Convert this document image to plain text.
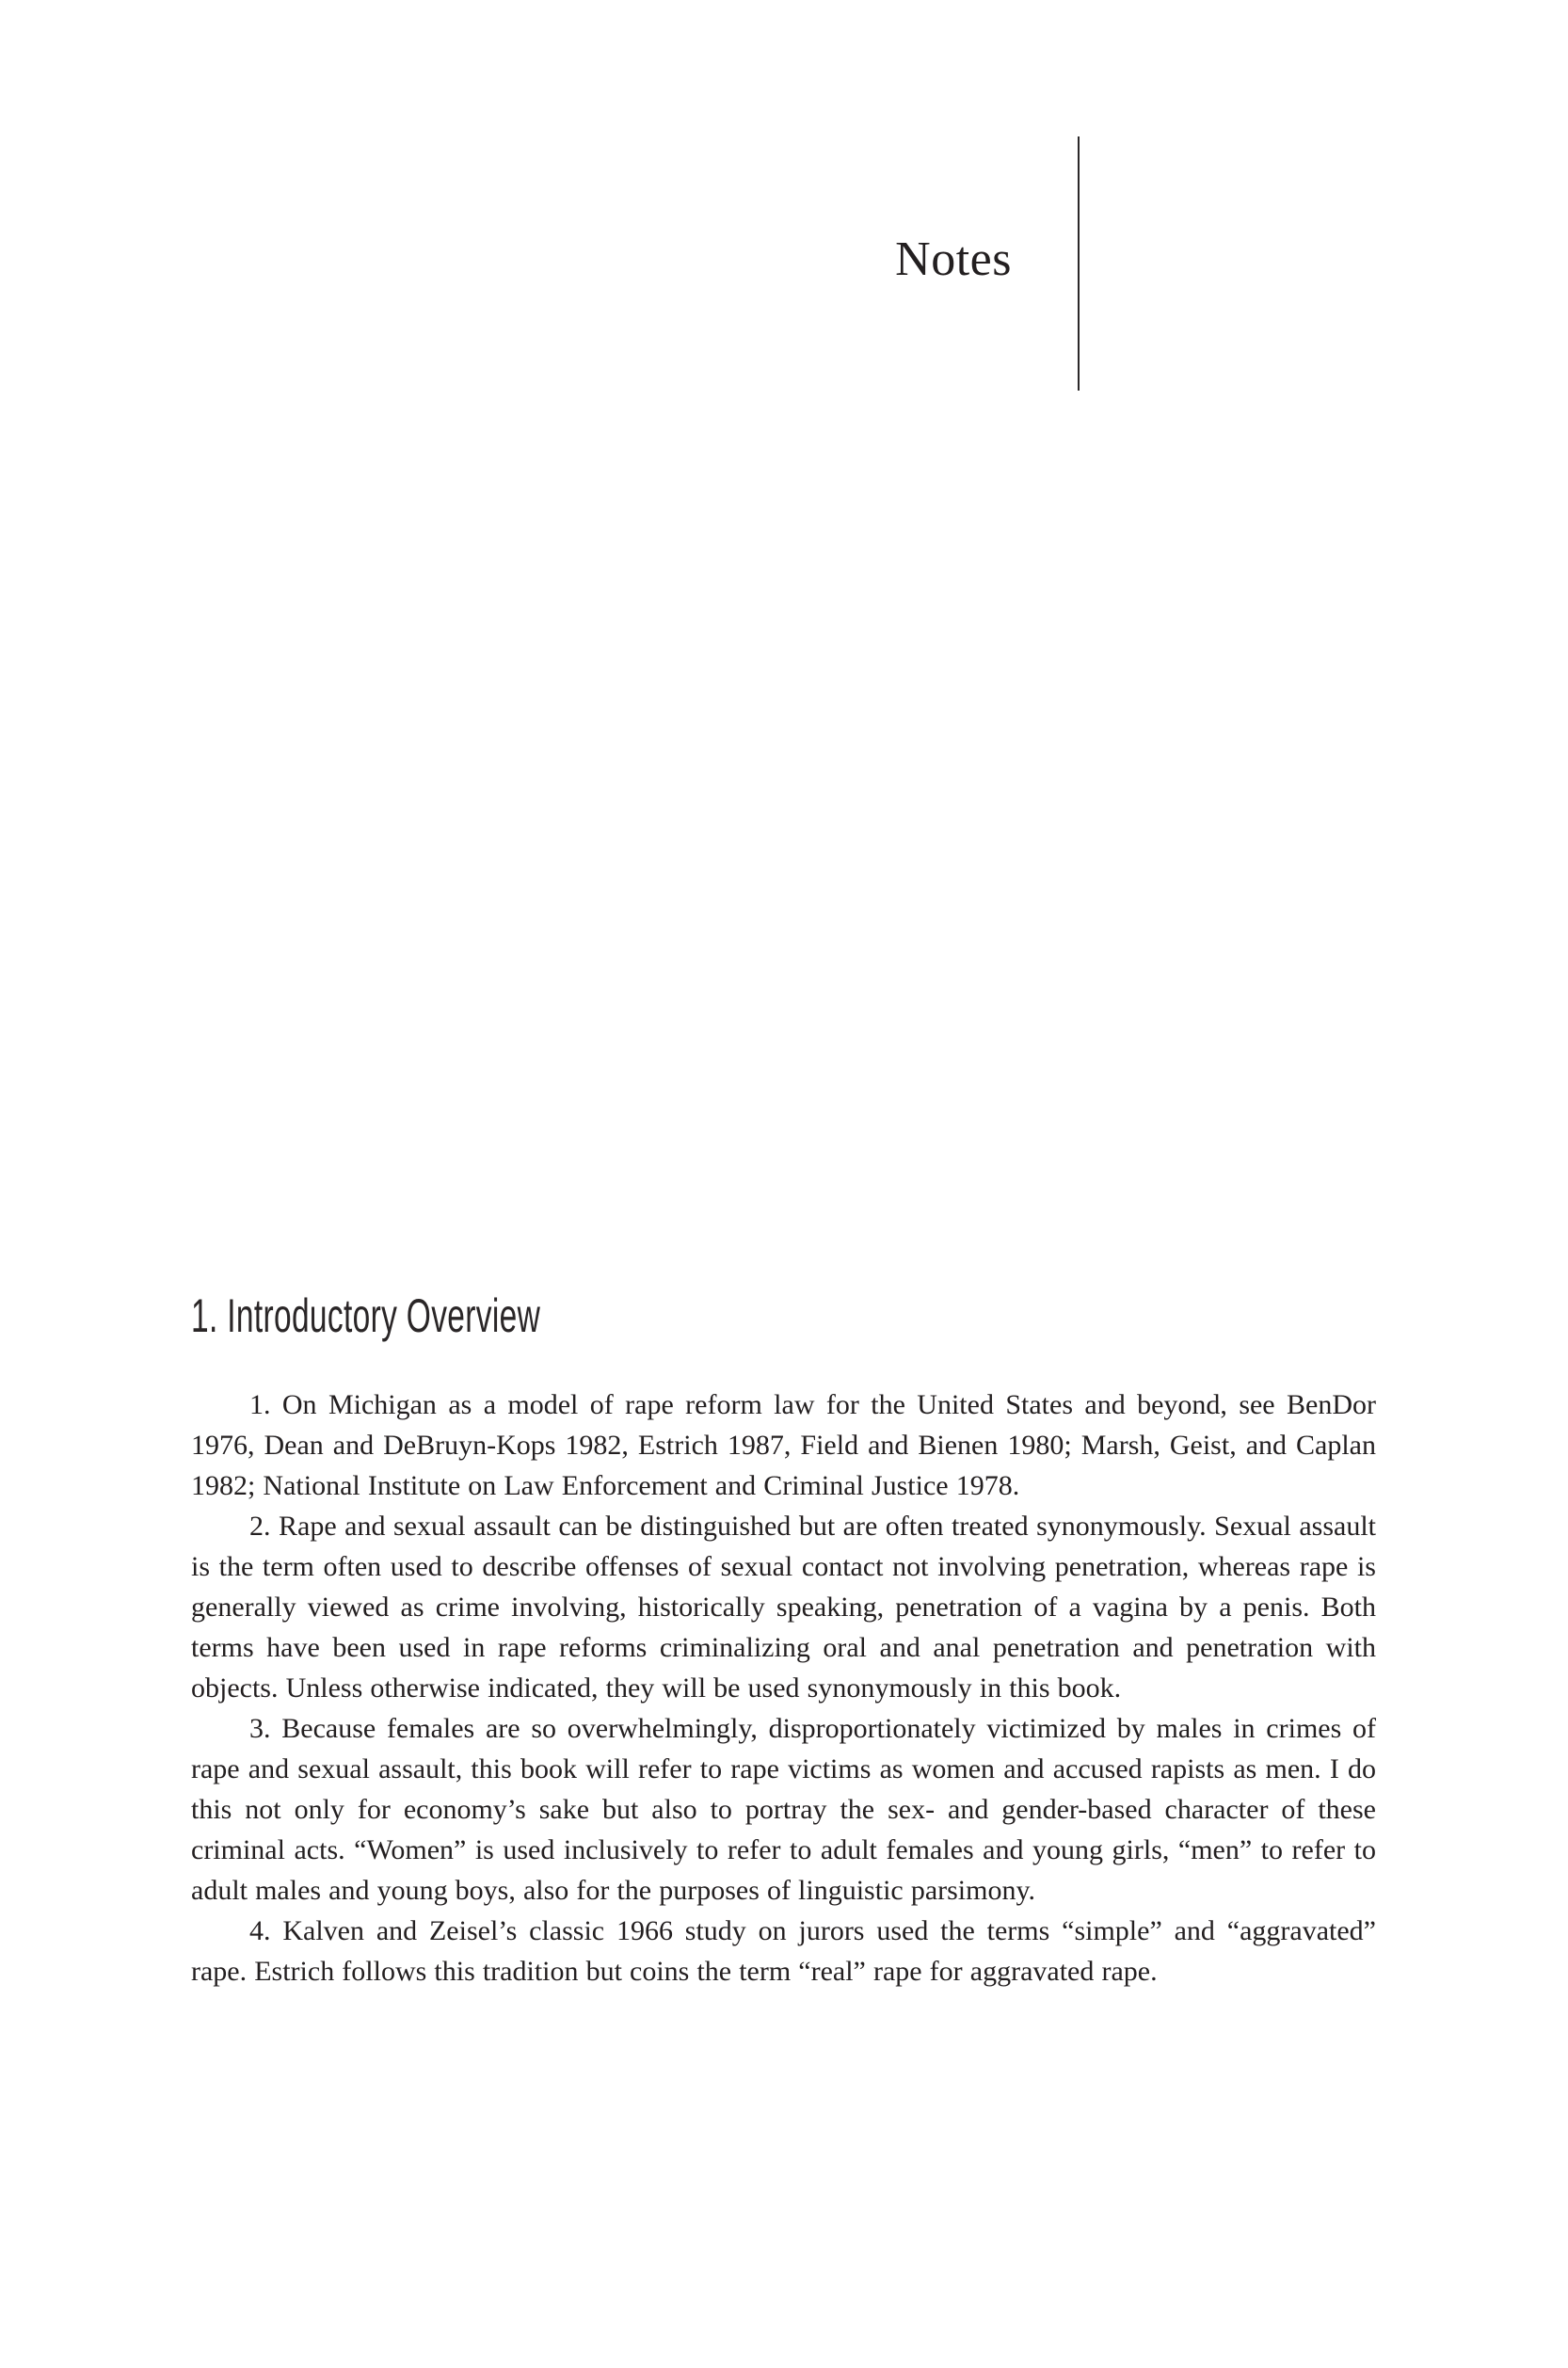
Notes
1. Introductory Overview

1. On Michigan as a model of rape reform law for the United States and beyond, see BenDor 1976, Dean and DeBruyn-Kops 1982, Estrich 1987, Field and Bienen 1980; Marsh, Geist, and Caplan 1982; National Institute on Law Enforcement and Criminal Justice 1978.

2. Rape and sexual assault can be distinguished but are often treated synonymously. Sexual assault is the term often used to describe offenses of sexual contact not involving penetration, whereas rape is generally viewed as crime involving, historically speaking, penetration of a vagina by a penis. Both terms have been used in rape reforms criminalizing oral and anal penetration and penetration with objects. Unless otherwise indicated, they will be used synonymously in this book.

3. Because females are so overwhelmingly, disproportionately victimized by males in crimes of rape and sexual assault, this book will refer to rape victims as women and accused rapists as men. I do this not only for economy’s sake but also to portray the sex- and gender-based character of these criminal acts. “Women” is used inclusively to refer to adult females and young girls, “men” to refer to adult males and young boys, also for the purposes of linguistic parsimony.

4. Kalven and Zeisel’s classic 1966 study on jurors used the terms “simple” and “aggravated” rape. Estrich follows this tradition but coins the term “real” rape for aggravated rape.
